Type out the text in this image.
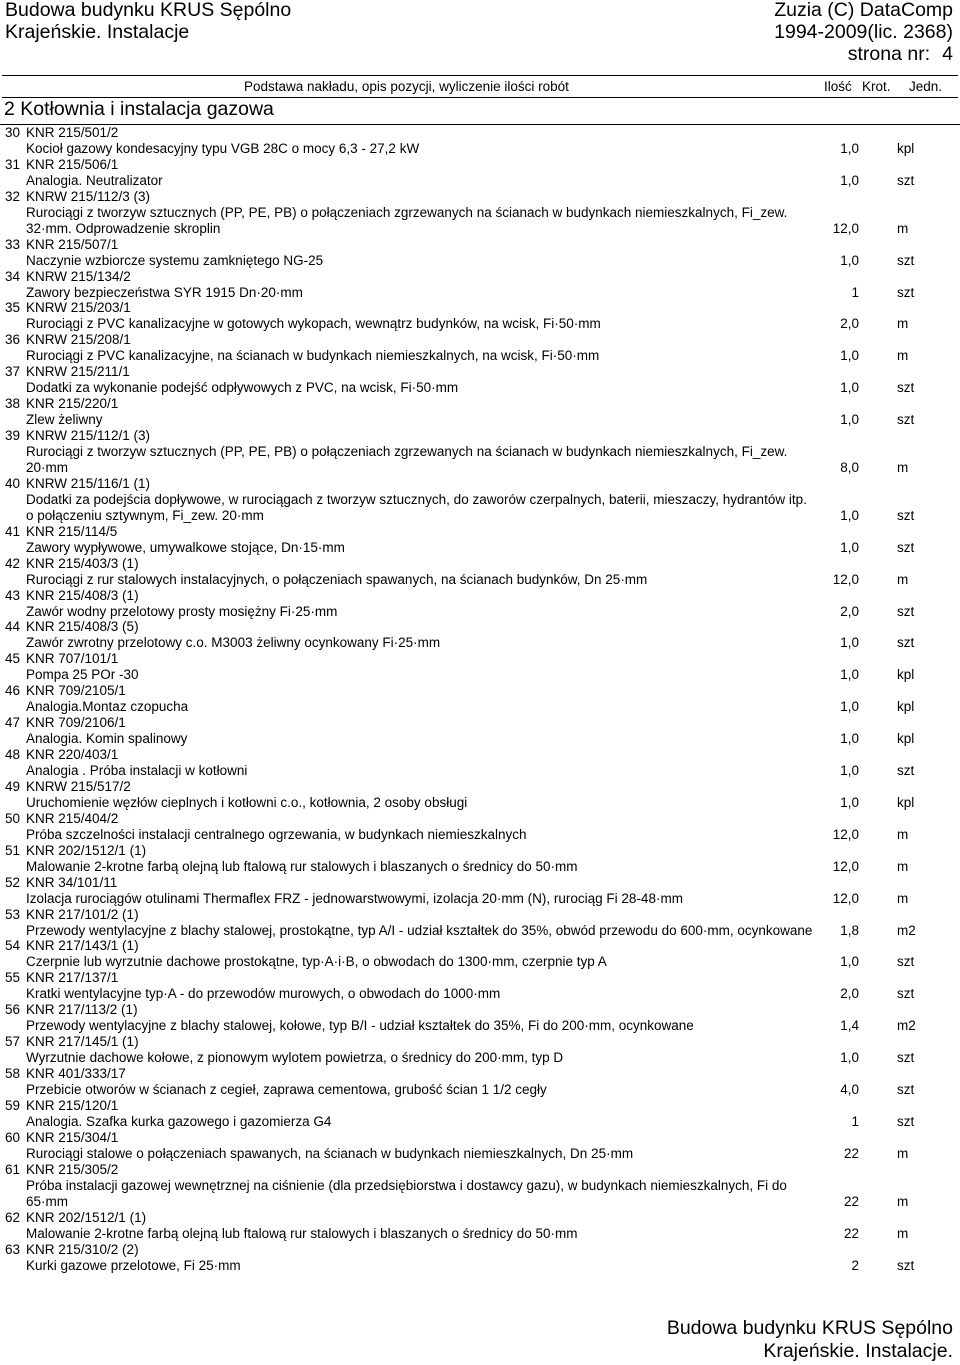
Budowa budynku KRUS Sępólno
Krajeńskie. Instalacje
Zuzia (C) DataComp
1994-2009(lic. 2368)
strona nr: 4
Podstawa nakładu, opis pozycji, wyliczenie ilości robót	Ilość Krot. Jedn.
2 Kotłownia i instalacja gazowa
30 KNR 215/501/2
Kocioł gazowy kondesacyjny typu VGB 28C o mocy 6,3 - 27,2 kW	1,0	kpl
31 KNR 215/506/1
Analogia. Neutralizator	1,0	szt
32 KNRW 215/112/3 (3)
Rurociągi z tworzyw sztucznych (PP, PE, PB) o połączeniach zgrzewanych na ścianach w budynkach niemieszkalnych, Fi_zew. 32·mm. Odprowadzenie skroplin	12,0	m
33 KNR 215/507/1
Naczynie wzbiorcze systemu zamkniętego NG-25	1,0	szt
34 KNRW 215/134/2
Zawory bezpieczeństwa SYR 1915 Dn·20·mm	1	szt
35 KNRW 215/203/1
Rurociągi z PVC kanalizacyjne w gotowych wykopach, wewnątrz budynków, na wcisk, Fi·50·mm	2,0	m
36 KNRW 215/208/1
Rurociągi z PVC kanalizacyjne, na ścianach w budynkach niemieszkalnych, na wcisk, Fi·50·mm	1,0	m
37 KNRW 215/211/1
Dodatki za wykonanie podejść odpływowych z PVC, na wcisk, Fi·50·mm	1,0	szt
38 KNR 215/220/1
Zlew żeliwny	1,0	szt
39 KNRW 215/112/1 (3)
Rurociągi z tworzyw sztucznych (PP, PE, PB) o połączeniach zgrzewanych na ścianach w budynkach niemieszkalnych, Fi_zew. 20·mm	8,0	m
40 KNRW 215/116/1 (1)
Dodatki za podejścia dopływowe, w rurociągach z tworzyw sztucznych, do zaworów czerpalnych, baterii, mieszaczy, hydrantów itp. o połączeniu sztywnym, Fi_zew. 20·mm	1,0	szt
41 KNR 215/114/5
Zawory wypływowe, umywalkowe stojące, Dn·15·mm	1,0	szt
42 KNR 215/403/3 (1)
Rurociągi z rur stalowych instalacyjnych, o połączeniach spawanych, na ścianach budynków, Dn 25·mm	12,0	m
43 KNR 215/408/3 (1)
Zawór wodny przelotowy prosty mosiężny Fi·25·mm	2,0	szt
44 KNR 215/408/3 (5)
Zawór zwrotny przelotowy c.o. M3003 żeliwny ocynkowany Fi·25·mm	1,0	szt
45 KNR 707/101/1
Pompa 25 POr -30	1,0	kpl
46 KNR 709/2105/1
Analogia.Montaz czopucha	1,0	kpl
47 KNR 709/2106/1
Analogia. Komin spalinowy	1,0	kpl
48 KNR 220/403/1
Analogia . Próba instalacji w kotłowni	1,0	szt
49 KNRW 215/517/2
Uruchomienie węzłów cieplnych i kotłowni c.o., kotłownia, 2 osoby obsługi	1,0	kpl
50 KNR 215/404/2
Próba szczelności instalacji centralnego ogrzewania, w budynkach niemieszkalnych	12,0	m
51 KNR 202/1512/1 (1)
Malowanie 2-krotne farbą olejną lub ftalową rur stalowych i blaszanych o średnicy do 50·mm	12,0	m
52 KNR 34/101/11
Izolacja rurociągów otulinami Thermaflex FRZ - jednowarstwowymi, izolacja 20·mm (N), rurociąg Fi 28-48·mm	12,0	m
53 KNR 217/101/2 (1)
Przewody wentylacyjne z blachy stalowej, prostokątne, typ A/I - udział kształtek do 35%, obwód przewodu do 600·mm, ocynkowane 1,8	m2
54 KNR 217/143/1 (1)
Czerpnie lub wyrzutnie dachowe prostokątne, typ·A·i·B, o obwodach do 1300·mm, czerpnie typ A	1,0	szt
55 KNR 217/137/1
Kratki wentylacyjne typ·A - do przewodów murowych, o obwodach do 1000·mm	2,0	szt
56 KNR 217/113/2 (1)
Przewody wentylacyjne z blachy stalowej, kołowe, typ B/I - udział kształtek do 35%, Fi do 200·mm, ocynkowane	1,4	m2
57 KNR 217/145/1 (1)
Wyrzutnie dachowe kołowe, z pionowym wylotem powietrza, o średnicy do 200·mm, typ D	1,0	szt
58 KNR 401/333/17
Przebicie otworów w ścianach z cegieł, zaprawa cementowa, grubość ścian 1 1/2 cegły	4,0	szt
59 KNR 215/120/1
Analogia. Szafka kurka gazowego i gazomierza G4	1	szt
60 KNR 215/304/1
Rurociągi stalowe o połączeniach spawanych, na ścianach w budynkach niemieszkalnych, Dn 25·mm	22	m
61 KNR 215/305/2
Próba instalacji gazowej wewnętrznej na ciśnienie (dla przedsiębiorstwa i dostawcy gazu), w budynkach niemieszkalnych, Fi do 65·mm	22	m
62 KNR 202/1512/1 (1)
Malowanie 2-krotne farbą olejną lub ftalową rur stalowych i blaszanych o średnicy do 50·mm	22	m
63 KNR 215/310/2 (2)
Kurki gazowe przelotowe, Fi 25·mm	2	szt
Budowa budynku KRUS Sępólno
Krajeńskie. Instalacje.
